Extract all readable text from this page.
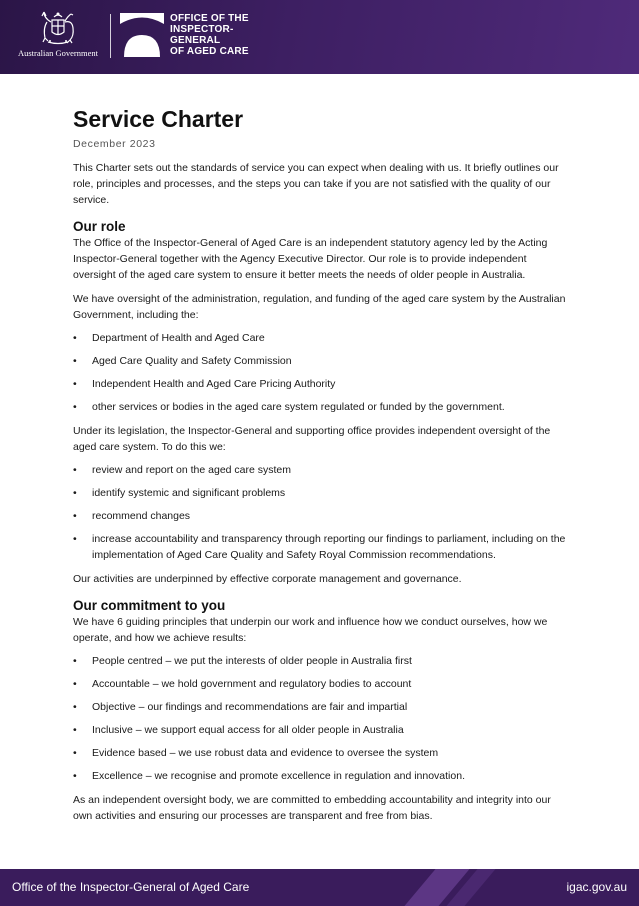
Australian Government
OFFICE OF THE
INSPECTOR-
GENERAL
OF AGED CARE
Service Charter
December 2023

This Charter sets out the standards of service you can expect when dealing with us. It briefly outlines our role, principles and processes, and the steps you can take if you are not satisfied with the quality of our service.

Our role

The Office of the Inspector-General of Aged Care is an independent statutory agency led by the Acting Inspector-General together with the Agency Executive Director. Our role is to provide independent oversight of the aged care system to ensure it better meets the needs of older people in Australia.

We have oversight of the administration, regulation, and funding of the aged care system by the Australian Government, including the:

• Department of Health and Aged Care
• Aged Care Quality and Safety Commission
• Independent Health and Aged Care Pricing Authority
• other services or bodies in the aged care system regulated or funded by the government.

Under its legislation, the Inspector-General and supporting office provides independent oversight of the aged care system. To do this we:

• review and report on the aged care system
• identify systemic and significant problems
• recommend changes
• increase accountability and transparency through reporting our findings to parliament, including on the implementation of Aged Care Quality and Safety Royal Commission recommendations.

Our activities are underpinned by effective corporate management and governance.

Our commitment to you

We have 6 guiding principles that underpin our work and influence how we conduct ourselves, how we operate, and how we achieve results:

• People centred – we put the interests of older people in Australia first
• Accountable – we hold government and regulatory bodies to account
• Objective – our findings and recommendations are fair and impartial
• Inclusive – we support equal access for all older people in Australia
• Evidence based – we use robust data and evidence to oversee the system
• Excellence – we recognise and promote excellence in regulation and innovation.

As an independent oversight body, we are committed to embedding accountability and integrity into our own activities and ensuring our processes are transparent and free from bias.

Office of the Inspector-General of Aged Care	igac.gov.au
